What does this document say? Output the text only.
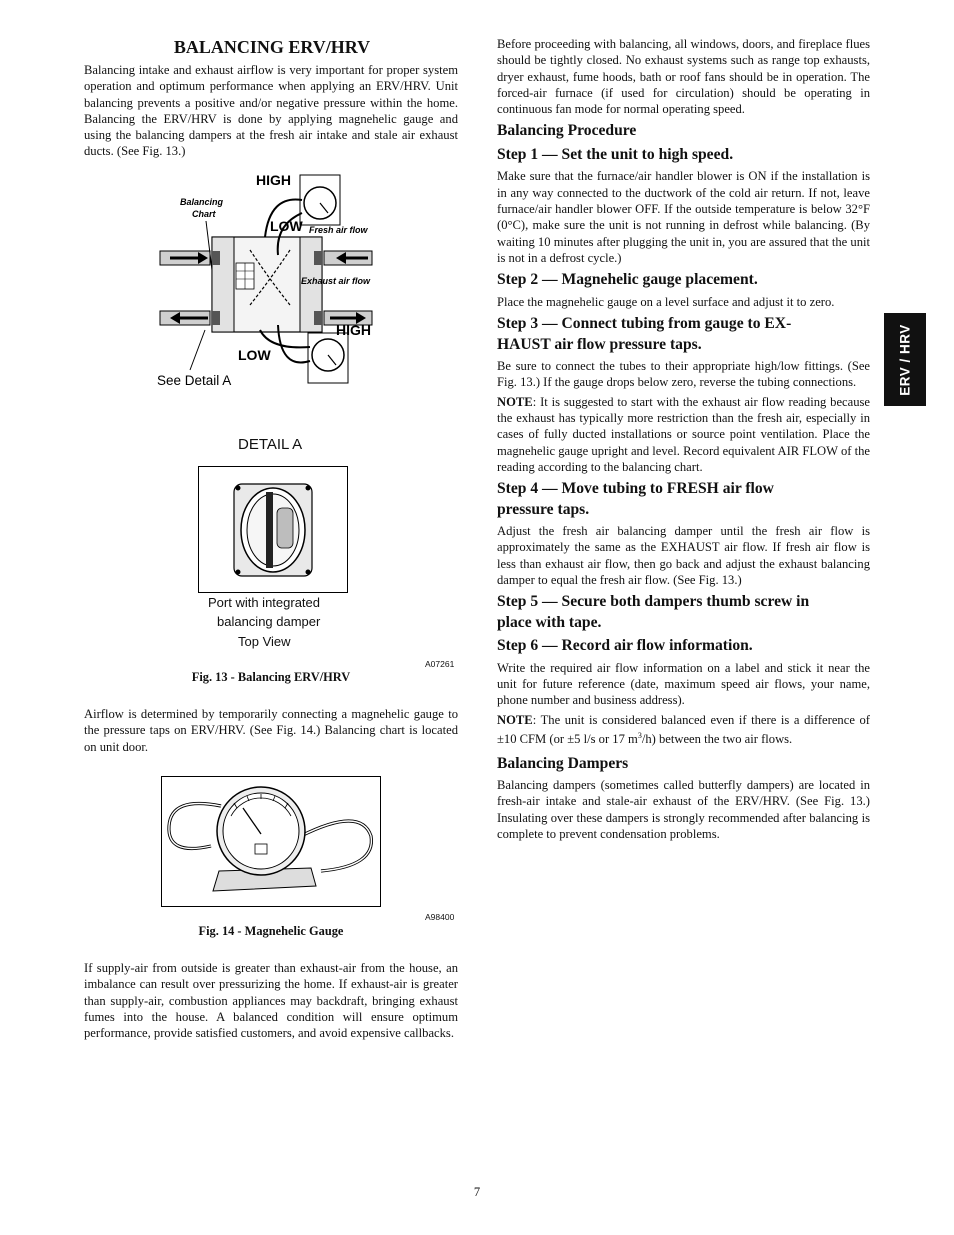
BALANCING ERV/HRV

Balancing intake and exhaust airflow is very important for proper system operation and optimum performance when applying an ERV/HRV. Unit balancing prevents a positive and/or negative pressure within the home. Balancing the ERV/HRV is done by applying magnehelic gauge and using the balancing dampers at the fresh air intake and stale air exhaust ducts. (See Fig. 13.)

HIGH
LOW
Balancing
Chart
Fresh air flow
Exhaust air flow
HIGH
LOW
See Detail A
DETAIL A
Port with integrated
balancing damper
Top View
A07261
Fig. 13 - Balancing ERV/HRV

Airflow is determined by temporarily connecting a magnehelic gauge to the pressure taps on ERV/HRV. (See Fig. 14.) Balancing chart is located on unit door.

A98400
Fig. 14 - Magnehelic Gauge

If supply-air from outside is greater than exhaust-air from the house, an imbalance can result over pressurizing the home. If exhaust-air is greater than supply-air, combustion appliances may backdraft, bringing exhaust fumes into the house. A balanced condition will ensure optimum performance, provide satisfied customers, and avoid expensive callbacks.

Before proceeding with balancing, all windows, doors, and fireplace flues should be tightly closed. No exhaust systems such as range top exhausts, dryer exhaust, fume hoods, bath or roof fans should be in operation. The forced-air furnace (if used for circulation) should be operating in continuous fan mode for normal operating speed.

Balancing Procedure
Step 1 — Set the unit to high speed.

Make sure that the furnace/air handler blower is ON if the installation is in any way connected to the ductwork of the cold air return. If not, leave furnace/air handler blower OFF. If the outside temperature is below 32°F (0°C), make sure the unit is not running in defrost while balancing. (By waiting 10 minutes after plugging the unit in, you are assured that the unit is not in a defrost cycle.)

Step 2 — Magnehelic gauge placement.

Place the magnehelic gauge on a level surface and adjust it to zero.

Step 3 — Connect tubing from gauge to EX-
HAUST air flow pressure taps.

Be sure to connect the tubes to their appropriate high/low fittings. (See Fig. 13.) If the gauge drops below zero, reverse the tubing connections.

NOTE: It is suggested to start with the exhaust air flow reading because the exhaust has typically more restriction than the fresh air, especially in cases of fully ducted installations or source point ventilation. Place the magnehelic gauge upright and level. Record equivalent AIR FLOW of the reading according to the balancing chart.

Step 4 — Move tubing to FRESH air flow
pressure taps.

Adjust the fresh air balancing damper until the fresh air flow is approximately the same as the EXHAUST air flow. If fresh air flow is less than exhaust air flow, then go back and adjust the exhaust balancing damper to equal the fresh air flow. (See Fig. 13.)

Step 5 — Secure both dampers thumb screw in
place with tape.
Step 6 — Record air flow information.

Write the required air flow information on a label and stick it near the unit for future reference (date, maximum speed air flows, your name, phone number and business address).

NOTE: The unit is considered balanced even if there is a difference of ±10 CFM (or ±5 l/s or 17 $m^3/h$) between the two air flows.

Balancing Dampers

Balancing dampers (sometimes called butterfly dampers) are located in fresh-air intake and stale-air exhaust of the ERV/HRV. (See Fig. 13.) Insulating over these dampers is strongly recommended after balancing is complete to prevent condensation problems.

ERV / HRV
7
